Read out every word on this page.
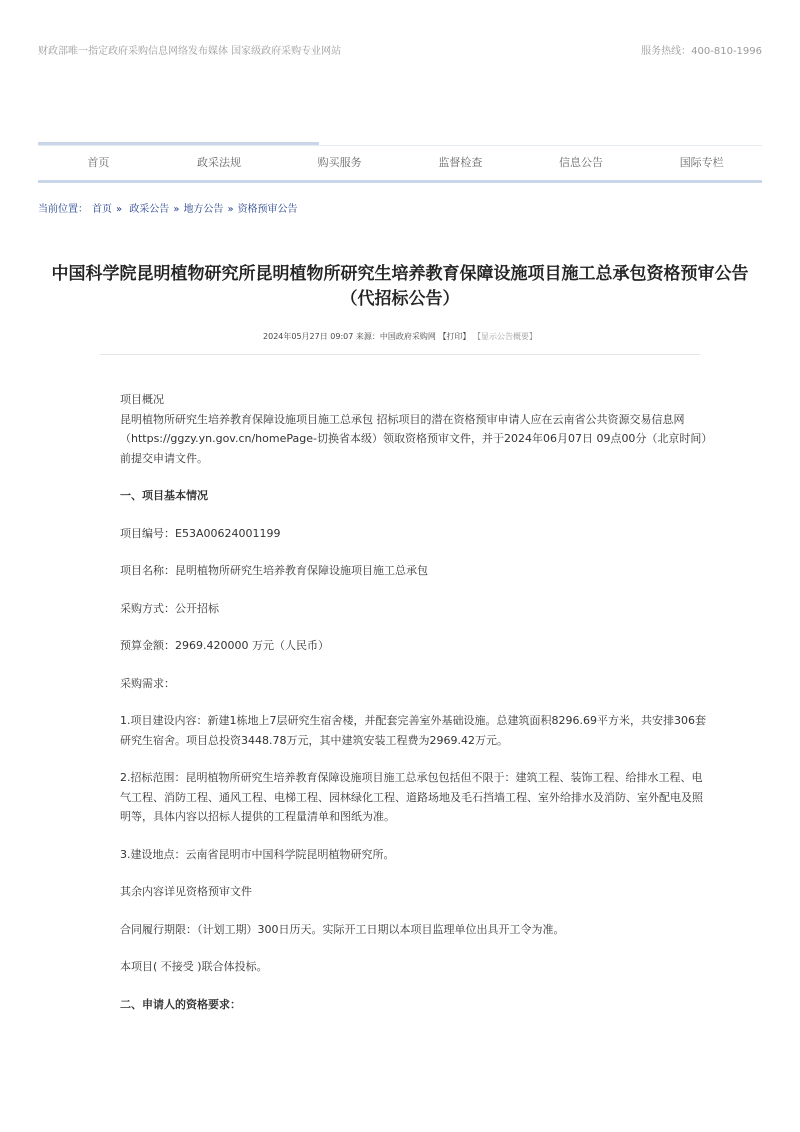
财政部唯一指定政府采购信息网络发布媒体 国家级政府采购专业网站	服务热线：400-810-1996
首页	政采法规	购买服务	监督检查	信息公告	国际专栏
当前位置： 首页 » 政采公告 » 地方公告 » 资格预审公告
中国科学院昆明植物研究所昆明植物所研究生培养教育保障设施项目施工总承包资格预审公告（代招标公告）
2024年05月27日 09:07 来源：中国政府采购网 【打印】 【显示公告概要】

项目概况

昆明植物所研究生培养教育保障设施项目施工总承包 招标项目的潜在资格预审申请人应在云南省公共资源交易信息网（https://ggzy.yn.gov.cn/homePage-切换省本级）领取资格预审文件，并于2024年06月07日 09点00分（北京时间）前提交申请文件。

一、项目基本情况

项目编号：E53A00624001199

项目名称：昆明植物所研究生培养教育保障设施项目施工总承包

采购方式：公开招标

预算金额：2969.420000 万元（人民币）

采购需求：

1.项目建设内容：新建1栋地上7层研究生宿舍楼，并配套完善室外基础设施。总建筑面积8296.69平方米，共安排306套研究生宿舍。项目总投资3448.78万元，其中建筑安装工程费为2969.42万元。

2.招标范围：昆明植物所研究生培养教育保障设施项目施工总承包包括但不限于：建筑工程、装饰工程、给排水工程、电气工程、消防工程、通风工程、电梯工程、园林绿化工程、道路场地及毛石挡墙工程、室外给排水及消防、室外配电及照明等，具体内容以招标人提供的工程量清单和图纸为准。

3.建设地点：云南省昆明市中国科学院昆明植物研究所。

其余内容详见资格预审文件

合同履行期限：（计划工期）300日历天。实际开工日期以本项目监理单位出具开工令为准。

本项目( 不接受 )联合体投标。

二、申请人的资格要求：
